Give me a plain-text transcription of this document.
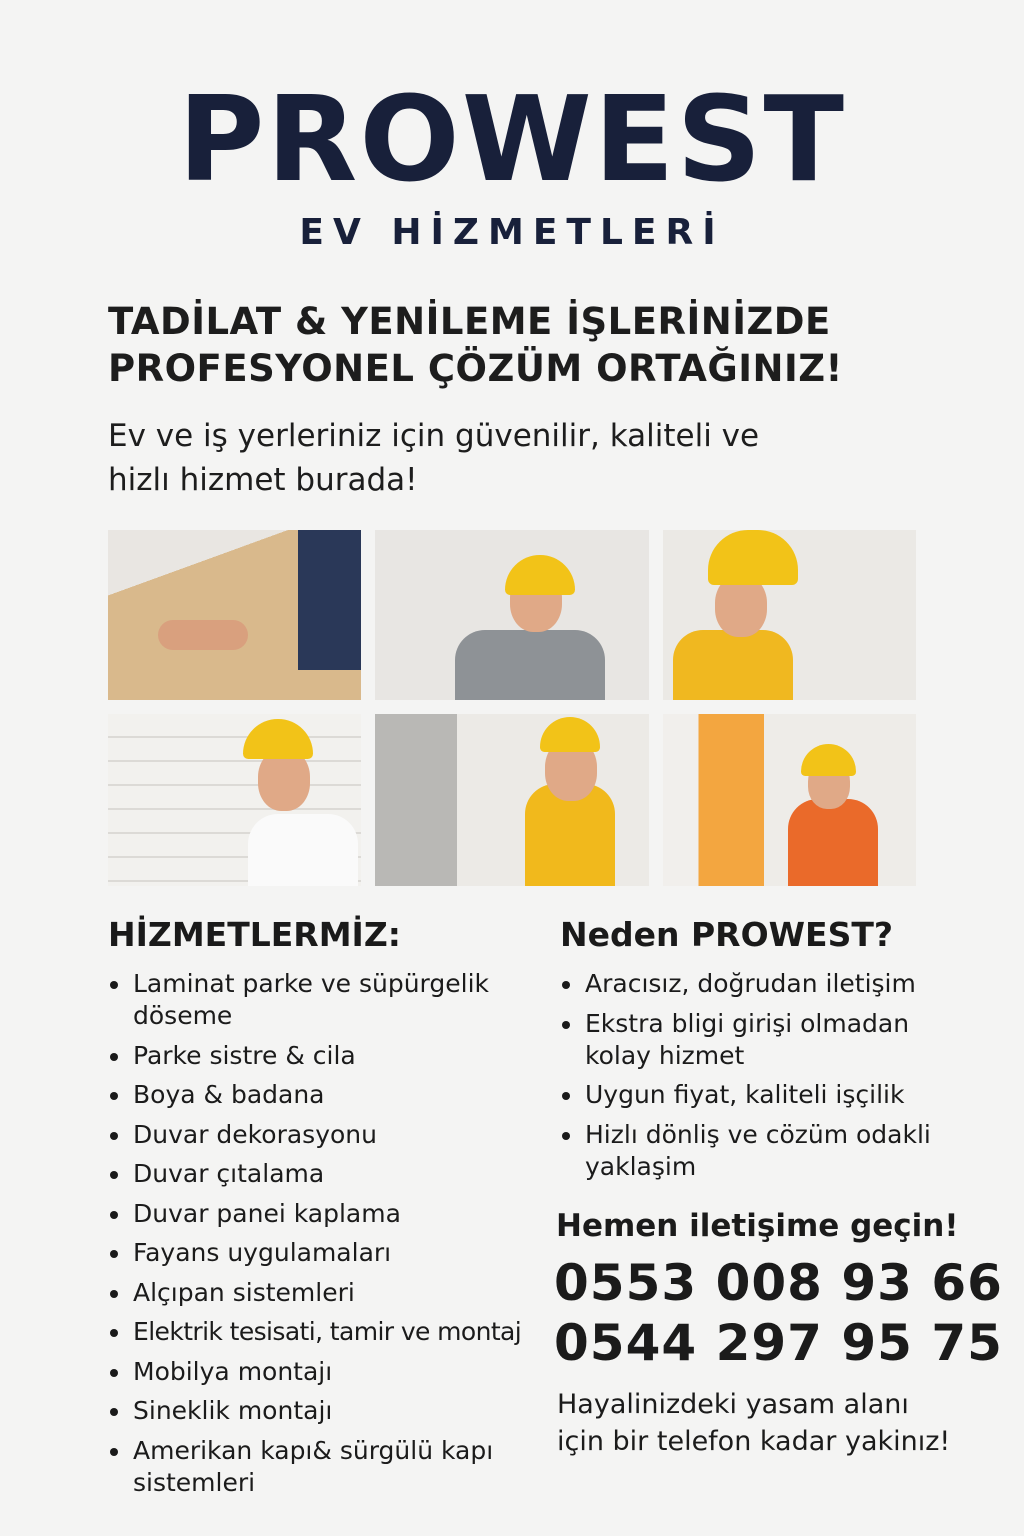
PROWEST
EV HİZMETLERİ
TADİLAT & YENİLEME İŞLERİNİZDE
PROFESYONEL ÇÖZÜM ORTAĞINIZ!
Ev ve iş yerleriniz için güvenilir, kaliteli ve
hizlı hizmet burada!
HİZMETLERMİZ:
Laminat parke ve süpürgelik döseme
Parke sistre & cila
Boya & badana
Duvar dekorasyonu
Duvar çıtalama
Duvar panei kaplama
Fayans uygulamaları
Alçıpan sistemleri
Elektrik tesisati, tamir ve montaj
Mobilya montajı
Sineklik montajı
Amerikan kapı& sürgülü kapı sistemleri
Neden PROWEST?
Aracısız, doğrudan iletişim
Ekstra bligi girişi olmadan kolay hizmet
Uygun fiyat, kaliteli işçilik
Hizlı dönliş ve cözüm odakli yaklaşim
Hemen iletişime geçin!
0553 008 93 66
0544 297 95 75
Hayalinizdeki yasam alanı
için bir telefon kadar yakinız!
